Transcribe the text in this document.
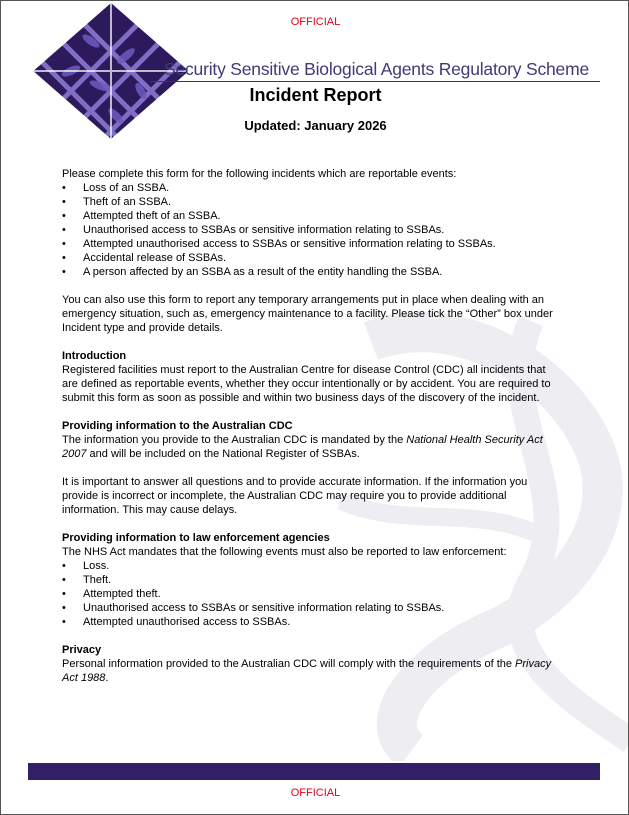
OFFICIAL
Security Sensitive Biological Agents Regulatory Scheme
Incident Report
Updated: January 2026

Please complete this form for the following incidents which are reportable events:

• Loss of an SSBA.
• Theft of an SSBA.
• Attempted theft of an SSBA.
• Unauthorised access to SSBAs or sensitive information relating to SSBAs.
• Attempted unauthorised access to SSBAs or sensitive information relating to SSBAs.
• Accidental release of SSBAs.
• A person affected by an SSBA as a result of the entity handling the SSBA.

You can also use this form to report any temporary arrangements put in place when dealing with an emergency situation, such as, emergency maintenance to a facility. Please tick the “Other” box under Incident type and provide details.

Introduction

Registered facilities must report to the Australian Centre for disease Control (CDC) all incidents that are defined as reportable events, whether they occur intentionally or by accident. You are required to submit this form as soon as possible and within two business days of the discovery of the incident.

Providing information to the Australian CDC

The information you provide to the Australian CDC is mandated by the National Health Security Act 2007 and will be included on the National Register of SSBAs.

It is important to answer all questions and to provide accurate information. If the information you provide is incorrect or incomplete, the Australian CDC may require you to provide additional information. This may cause delays.

Providing information to law enforcement agencies

The NHS Act mandates that the following events must also be reported to law enforcement:

• Loss.
• Theft.
• Attempted theft.
• Unauthorised access to SSBAs or sensitive information relating to SSBAs.
• Attempted unauthorised access to SSBAs.

Privacy

Personal information provided to the Australian CDC will comply with the requirements of the Privacy Act 1988.

OFFICIAL
